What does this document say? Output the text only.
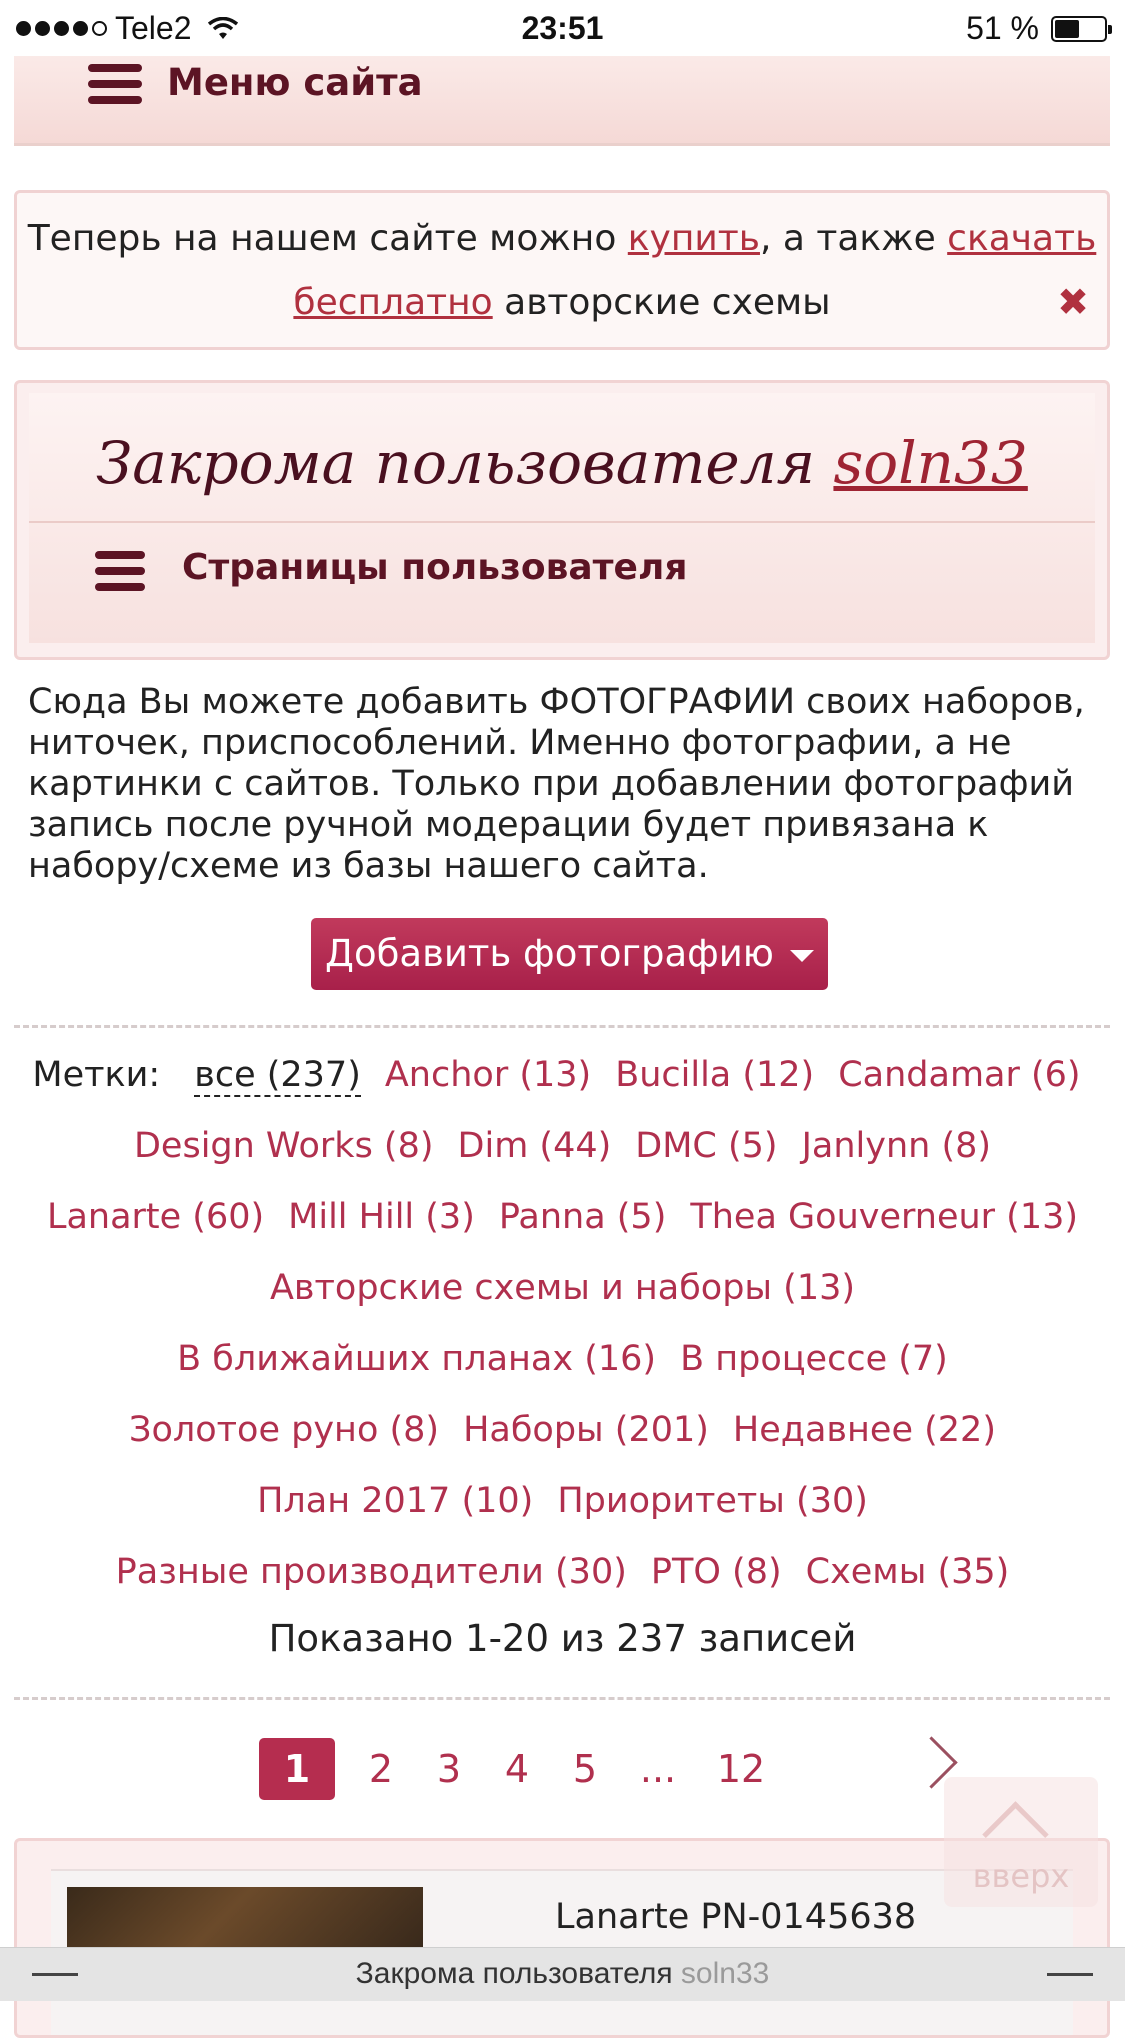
Tele2	23:51	51 %
Меню сайта
Теперь на нашем сайте можно купить, а также скачать бесплатно авторские схемы	✖
Закрома пользователя soln33
Страницы пользователя
Сюда Вы можете добавить ФОТОГРАФИИ своих наборов, ниточек, приспособлений. Именно фотографии, а не картинки с сайтов. Только при добавлении фотографий запись после ручной модерации будет привязана к набору/схеме из базы нашего сайта.
Добавить фотографию
Метки: все (237) Anchor (13) Bucilla (12) Candamar (6)
Design Works (8) Dim (44) DMC (5) Janlynn (8)
Lanarte (60) Mill Hill (3) Panna (5) Thea Gouverneur (13)
Авторские схемы и наборы (13)
В ближайших планах (16) В процессе (7)
Золотое руно (8) Наборы (201) Недавнее (22)
План 2017 (10) Приоритеты (30)
Разные производители (30) PTO (8) Схемы (35)
Показано 1-20 из 237 записей
1	2	3	4	5	...	12
Lanarte PN-0145638
вверх
Закрома пользователя soln33
